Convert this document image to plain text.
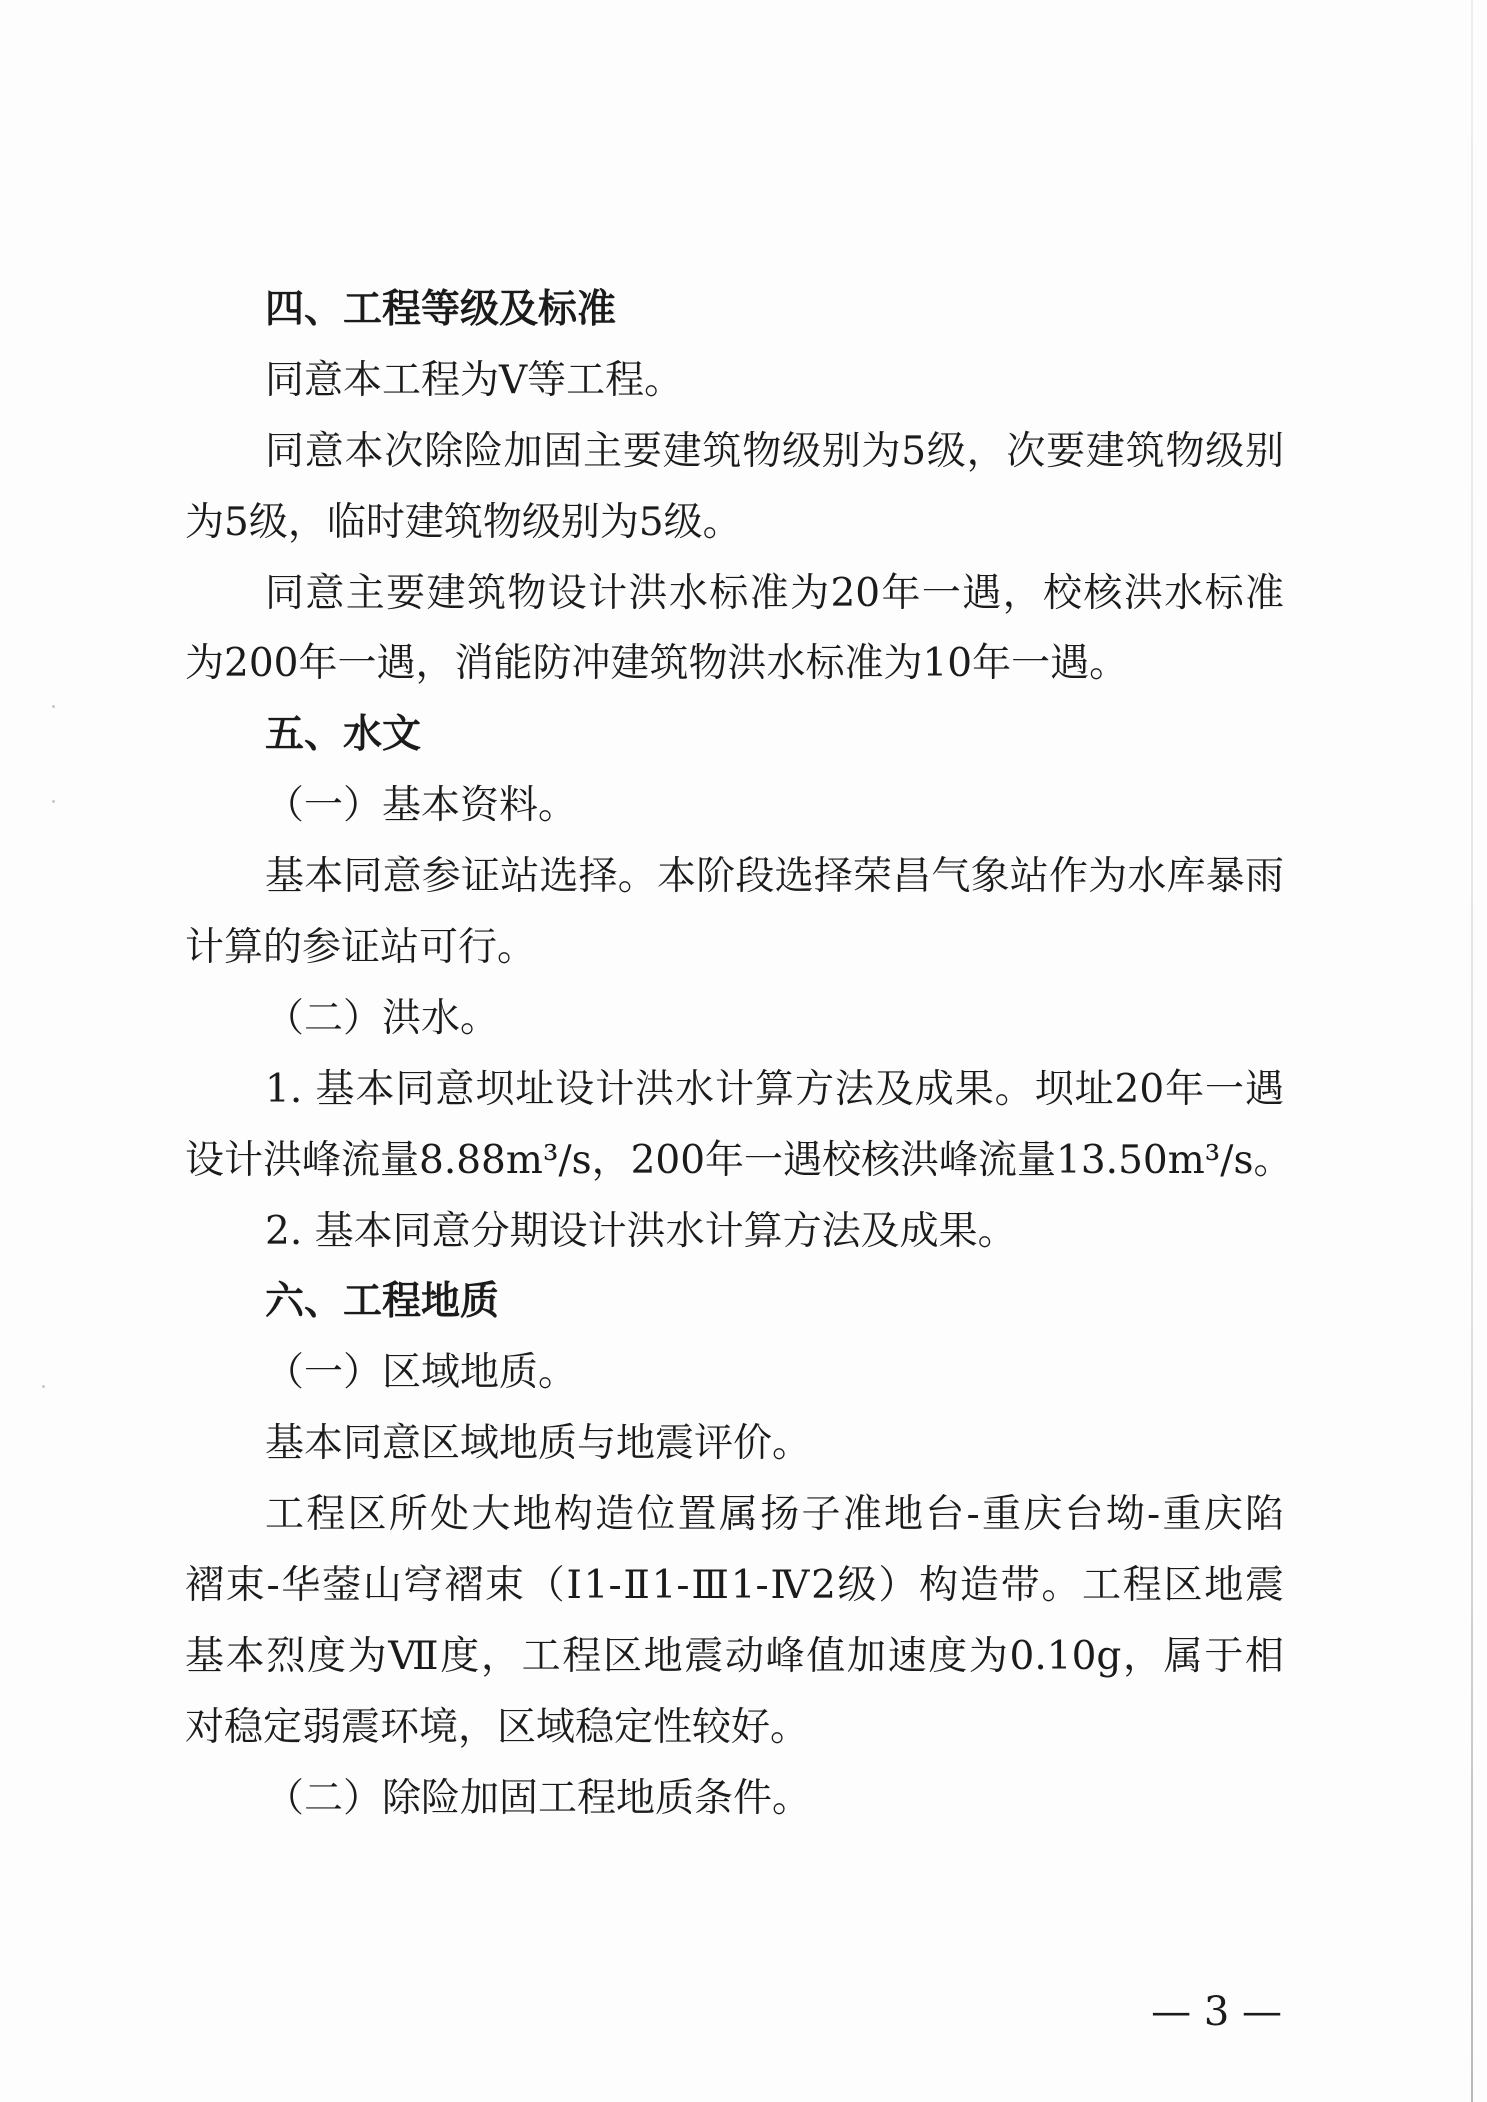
四、工程等级及标准
同意本工程为Ⅴ等工程。
同意本次除险加固主要建筑物级别为5级，次要建筑物级别
为5级，临时建筑物级别为5级。
同意主要建筑物设计洪水标准为20年一遇，校核洪水标准
为200年一遇，消能防冲建筑物洪水标准为10年一遇。
五、水文
（一）基本资料。
基本同意参证站选择。本阶段选择荣昌气象站作为水库暴雨
计算的参证站可行。
（二）洪水。
1. 基本同意坝址设计洪水计算方法及成果。坝址20年一遇
设计洪峰流量8.88m³/s，200年一遇校核洪峰流量13.50m³/s。
2. 基本同意分期设计洪水计算方法及成果。
六、工程地质
（一）区域地质。
基本同意区域地质与地震评价。
工程区所处大地构造位置属扬子准地台-重庆台坳-重庆陷
褶束-华蓥山穹褶束（Ⅰ1-Ⅱ1-Ⅲ1-Ⅳ2级）构造带。工程区地震
基本烈度为Ⅶ度，工程区地震动峰值加速度为0.10g，属于相
对稳定弱震环境，区域稳定性较好。
（二）除险加固工程地质条件。
— 3 —
